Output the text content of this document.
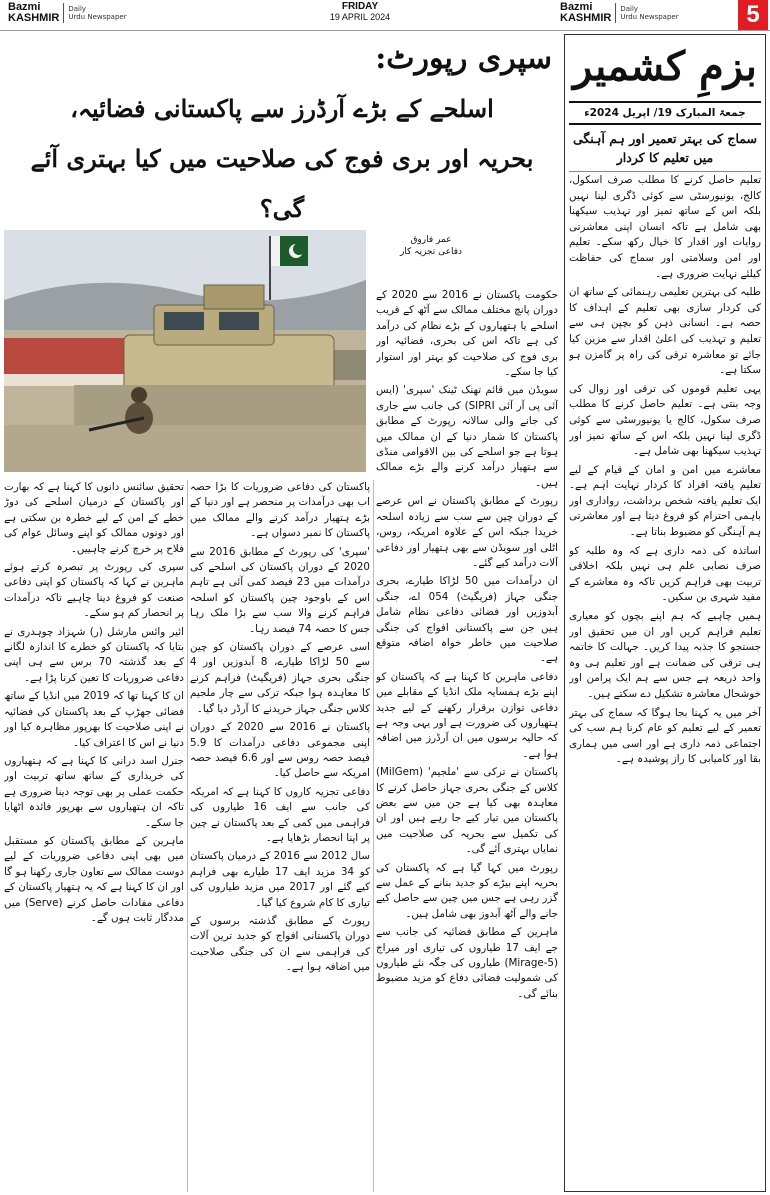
Bazmi
KASHMIR
Daily
Urdu Newspaper
FRIDAY
19 APRIL 2024
Bazmi
KASHMIR
Daily
Urdu Newspaper	5
سپری رپورٹ:
اسلحے کے بڑے آرڈرز سے پاکستانی فضائیہ،
بحریہ اور بری فوج کی صلاحیت میں کیا بہتری آئے گی؟
عمر فاروق
دفاعی تجزیہ کار

حکومت پاکستان نے 2016 سے 2020 کے دوران پانچ مختلف ممالک سے آٹھ کے قریب اسلحے یا ہتھیاروں کے بڑے نظام کی درآمد کی ہے تاکہ اس کی بحری، فضائیہ اور بری فوج کی صلاحیت کو بہتر اور استوار کیا جا سکے۔

سویڈن میں قائم تھنک ٹینک 'سپری' (ایس آئی پی آر آئی SIPRI) کی جانب سے جاری کی جانے والی سالانہ رپورٹ کے مطابق پاکستان کا شمار دنیا کے ان ممالک میں ہوتا ہے جو اسلحے کی بین الاقوامی منڈی سے ہتھیار درآمد کرنے والے بڑے ممالک ہیں۔

رپورٹ کے مطابق پاکستان نے اس عرصے کے دوران چین سے سب سے زیادہ اسلحہ خریدا جبکہ اس کے علاوہ امریکہ، روس، اٹلی اور سویڈن سے بھی ہتھیار اور دفاعی آلات درآمد کیے گئے۔

ان درآمدات میں 50 لڑاکا طیارے، بحری جنگی جہاز (فریگیٹ) 054 اے، جنگی آبدوزیں اور فضائی دفاعی نظام شامل ہیں جن سے پاکستانی افواج کی جنگی صلاحیت میں خاطر خواہ اضافہ متوقع ہے۔

دفاعی ماہرین کا کہنا ہے کہ پاکستان کو اپنے بڑے ہمسایہ ملک انڈیا کے مقابلے میں دفاعی توازن برقرار رکھنے کے لیے جدید ہتھیاروں کی ضرورت ہے اور یہی وجہ ہے کہ حالیہ برسوں میں ان آرڈرز میں اضافہ ہوا ہے۔

پاکستان نے ترکی سے 'ملجیم' (MilGem) کلاس کے جنگی بحری جہاز حاصل کرنے کا معاہدہ بھی کیا ہے جن میں سے بعض پاکستان میں تیار کیے جا رہے ہیں اور ان کی تکمیل سے بحریہ کی صلاحیت میں نمایاں بہتری آئے گی۔

رپورٹ میں کہا گیا ہے کہ پاکستان کی بحریہ اپنے بیڑے کو جدید بنانے کے عمل سے گزر رہی ہے جس میں چین سے حاصل کیے جانے والے آٹھ آبدوز بھی شامل ہیں۔

ماہرین کے مطابق فضائیہ کی جانب سے جے ایف 17 طیاروں کی تیاری اور میراج (Mirage-5) طیاروں کی جگہ نئے طیاروں کی شمولیت فضائی دفاع کو مزید مضبوط بنائے گی۔

پاکستان کی دفاعی ضروریات کا بڑا حصہ اب بھی درآمدات پر منحصر ہے اور دنیا کے بڑے ہتھیار درآمد کرنے والے ممالک میں پاکستان کا نمبر دسواں ہے۔

'سپری' کی رپورٹ کے مطابق 2016 سے 2020 کے دوران پاکستان کی اسلحے کی درآمدات میں 23 فیصد کمی آئی ہے تاہم اس کے باوجود چین پاکستان کو اسلحہ فراہم کرنے والا سب سے بڑا ملک رہا جس کا حصہ 74 فیصد رہا۔

اسی عرصے کے دوران پاکستان کو چین سے 50 لڑاکا طیارے، 8 آبدوزیں اور 4 جنگی بحری جہاز (فریگیٹ) فراہم کرنے کا معاہدہ ہوا جبکہ ترکی سے چار ملجیم کلاس جنگی جہاز خریدنے کا آرڈر دیا گیا۔

پاکستان نے 2016 سے 2020 کے دوران اپنی مجموعی دفاعی درآمدات کا 5.9 فیصد حصہ روس سے اور 6.6 فیصد حصہ امریکہ سے حاصل کیا۔

دفاعی تجزیہ کاروں کا کہنا ہے کہ امریکہ کی جانب سے ایف 16 طیاروں کی فراہمی میں کمی کے بعد پاکستان نے چین پر اپنا انحصار بڑھایا ہے۔

سال 2012 سے 2016 کے درمیان پاکستان کو 34 مزید ایف 17 طیارے بھی فراہم کیے گئے اور 2017 میں مزید طیاروں کی تیاری کا کام شروع کیا گیا۔

رپورٹ کے مطابق گذشتہ برسوں کے دوران پاکستانی افواج کو جدید ترین آلات کی فراہمی سے ان کی جنگی صلاحیت میں اضافہ ہوا ہے۔

تحقیق سائنس دانوں کا کہنا ہے کہ بھارت اور پاکستان کے درمیان اسلحے کی دوڑ خطے کے امن کے لیے خطرہ بن سکتی ہے اور دونوں ممالک کو اپنے وسائل عوام کی فلاح پر خرچ کرنے چاہییں۔

سپری کی رپورٹ پر تبصرہ کرتے ہوئے ماہرین نے کہا کہ پاکستان کو اپنی دفاعی صنعت کو فروغ دینا چاہیے تاکہ درآمدات پر انحصار کم ہو سکے۔

ائیر وائس مارشل (ر) شہزاد چوہدری نے بتایا کہ پاکستان کو خطرے کا اندازہ لگانے کے بعد گذشتہ 70 برس سے ہی اپنی دفاعی ضروریات کا تعین کرنا پڑا ہے۔

ان کا کہنا تھا کہ 2019 میں انڈیا کے ساتھ فضائی جھڑپ کے بعد پاکستان کی فضائیہ نے اپنی صلاحیت کا بھرپور مظاہرہ کیا اور دنیا نے اس کا اعتراف کیا۔

جنرل اسد درانی کا کہنا ہے کہ ہتھیاروں کی خریداری کے ساتھ ساتھ تربیت اور حکمت عملی پر بھی توجہ دینا ضروری ہے تاکہ ان ہتھیاروں سے بھرپور فائدہ اٹھایا جا سکے۔

ماہرین کے مطابق پاکستان کو مستقبل میں بھی اپنی دفاعی ضروریات کے لیے دوست ممالک سے تعاون جاری رکھنا ہو گا اور ان کا کہنا ہے کہ یہ ہتھیار پاکستان کے دفاعی مفادات حاصل کرنے (Serve) میں مددگار ثابت ہوں گے۔

بزمِ کشمیر
جمعۃ المبارک 19/ اپریل 2024ء
سماج کی بہتر تعمیر اور ہم آہنگی میں تعلیم کا کردار

تعلیم حاصل کرنے کا مطلب صرف اسکول، کالج، یونیورسٹی سے کوئی ڈگری لینا نہیں بلکہ اس کے ساتھ تمیز اور تہذیب سیکھنا بھی شامل ہے تاکہ انسان اپنی معاشرتی روایات اور اقدار کا خیال رکھ سکے۔ تعلیم اور امن وسلامتی اور سماج کی حفاظت کیلئے نہایت ضروری ہے۔

طلبہ کی بہترین تعلیمی رہنمائی کے ساتھ ان کی کردار سازی بھی تعلیم کے اہداف کا حصہ ہے۔ انسانی ذہن کو بچپن ہی سے تعلیم و تہذیب کی اعلیٰ اقدار سے مزین کیا جائے تو معاشرہ ترقی کی راہ پر گامزن ہو سکتا ہے۔

یہی تعلیم قوموں کی ترقی اور زوال کی وجہ بنتی ہے۔ تعلیم حاصل کرنے کا مطلب صرف سکول، کالج یا یونیورسٹی سے کوئی ڈگری لینا نہیں بلکہ اس کے ساتھ تمیز اور تہذیب سیکھنا بھی شامل ہے۔

معاشرے میں امن و امان کے قیام کے لیے تعلیم یافتہ افراد کا کردار نہایت اہم ہے۔ ایک تعلیم یافتہ شخص برداشت، رواداری اور باہمی احترام کو فروغ دیتا ہے اور معاشرتی ہم آہنگی کو مضبوط بناتا ہے۔

اساتذہ کی ذمہ داری ہے کہ وہ طلبہ کو صرف نصابی علم ہی نہیں بلکہ اخلاقی تربیت بھی فراہم کریں تاکہ وہ معاشرے کے مفید شہری بن سکیں۔

ہمیں چاہیے کہ ہم اپنے بچوں کو معیاری تعلیم فراہم کریں اور ان میں تحقیق اور جستجو کا جذبہ پیدا کریں۔ جہالت کا خاتمہ ہی ترقی کی ضمانت ہے اور تعلیم ہی وہ واحد ذریعہ ہے جس سے ہم ایک پرامن اور خوشحال معاشرہ تشکیل دے سکتے ہیں۔

آخر میں یہ کہنا بجا ہوگا کہ سماج کی بہتر تعمیر کے لیے تعلیم کو عام کرنا ہم سب کی اجتماعی ذمہ داری ہے اور اسی میں ہماری بقا اور کامیابی کا راز پوشیدہ ہے۔
